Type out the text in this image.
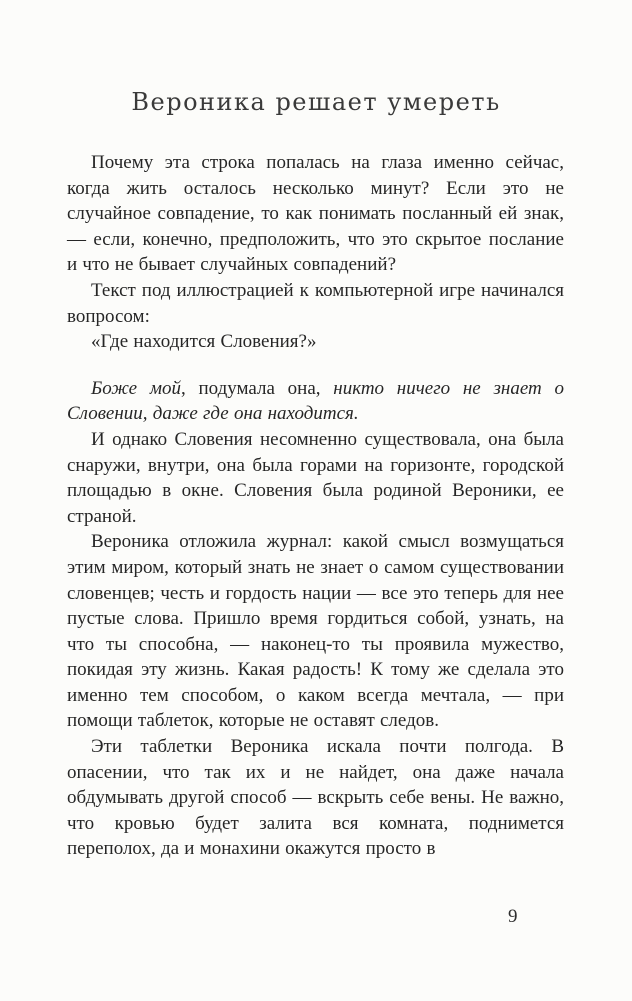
Вероника решает умереть

Почему эта строка попалась на глаза именно сейчас, когда жить осталось несколько минут? Если это не случайное совпадение, то как понимать посланный ей знак, — если, конечно, предположить, что это скрытое послание и что не бывает случайных совпадений?

Текст под иллюстрацией к компьютерной игре начинался вопросом:

«Где находится Словения?»

Боже мой, подумала она, никто ничего не знает о Словении, даже где она находится.

И однако Словения несомненно существовала, она была снаружи, внутри, она была горами на горизонте, городской площадью в окне. Словения была родиной Вероники, ее страной.

Вероника отложила журнал: какой смысл возмущаться этим миром, который знать не знает о самом существовании словенцев; честь и гордость нации — все это теперь для нее пустые слова. Пришло время гордиться собой, узнать, на что ты способна, — наконец-то ты проявила мужество, покидая эту жизнь. Какая радость! К тому же сделала это именно тем способом, о каком всегда мечтала, — при помощи таблеток, которые не оставят следов.

Эти таблетки Вероника искала почти полгода. В опасении, что так их и не найдет, она даже начала обдумывать другой способ — вскрыть себе вены. Не важно, что кровью будет залита вся комната, поднимется переполох, да и монахини окажутся просто в

9
